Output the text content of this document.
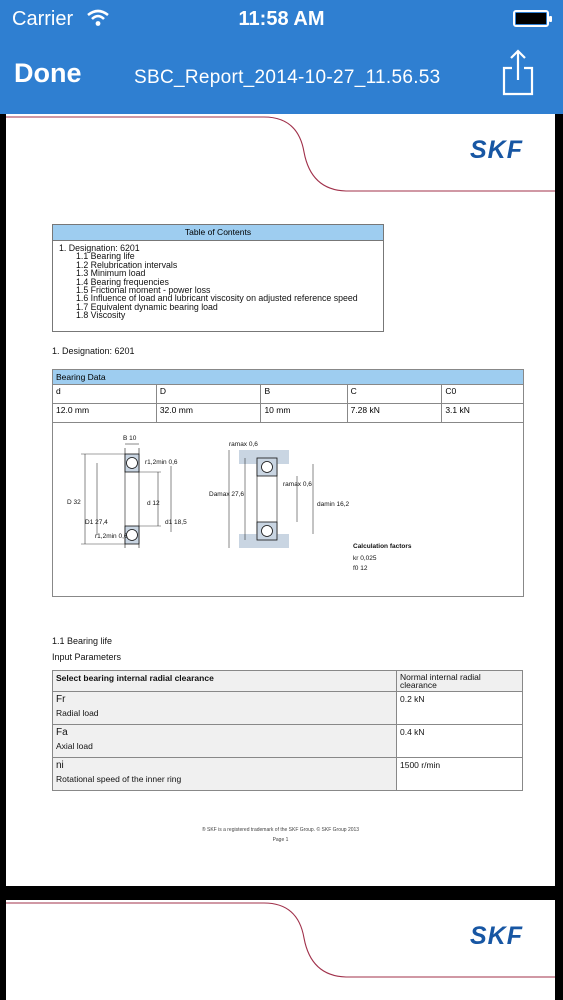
Carrier	11:58 AM
Done	SBC_Report_2014-10-27_11.56.53
SKF
Table of Contents
1. Designation: 6201
1.1 Bearing life
1.2 Relubrication intervals
1.3 Minimum load
1.4 Bearing frequencies
1.5 Frictional moment - power loss
1.6 Influence of load and lubricant viscosity on adjusted reference speed
1.7 Equivalent dynamic bearing load
1.8 Viscosity
1. Designation: 6201
Bearing Data
d	D	B	C	C0
12.0 mm	32.0 mm	10 mm	7.28 kN	3.1 kN
B 10
r1,2min 0,6
D 32	d 12
D1 27,4	d1 18,5
r1,2min 0,6
ramax 0,6
ramax 0,6
Damax 27,6
damin 16,2
Calculation factors
kr 0,025
f0 12
1.1 Bearing life
Input Parameters
Select bearing internal radial clearance	Normal internal radial clearance

Fr
Radial load	0.2 kN

Fa
Axial load	0.4 kN

ni
Rotational speed of the inner ring	1500 r/min
® SKF is a registered trademark of the SKF Group. © SKF Group 2013
Page 1
SKF
